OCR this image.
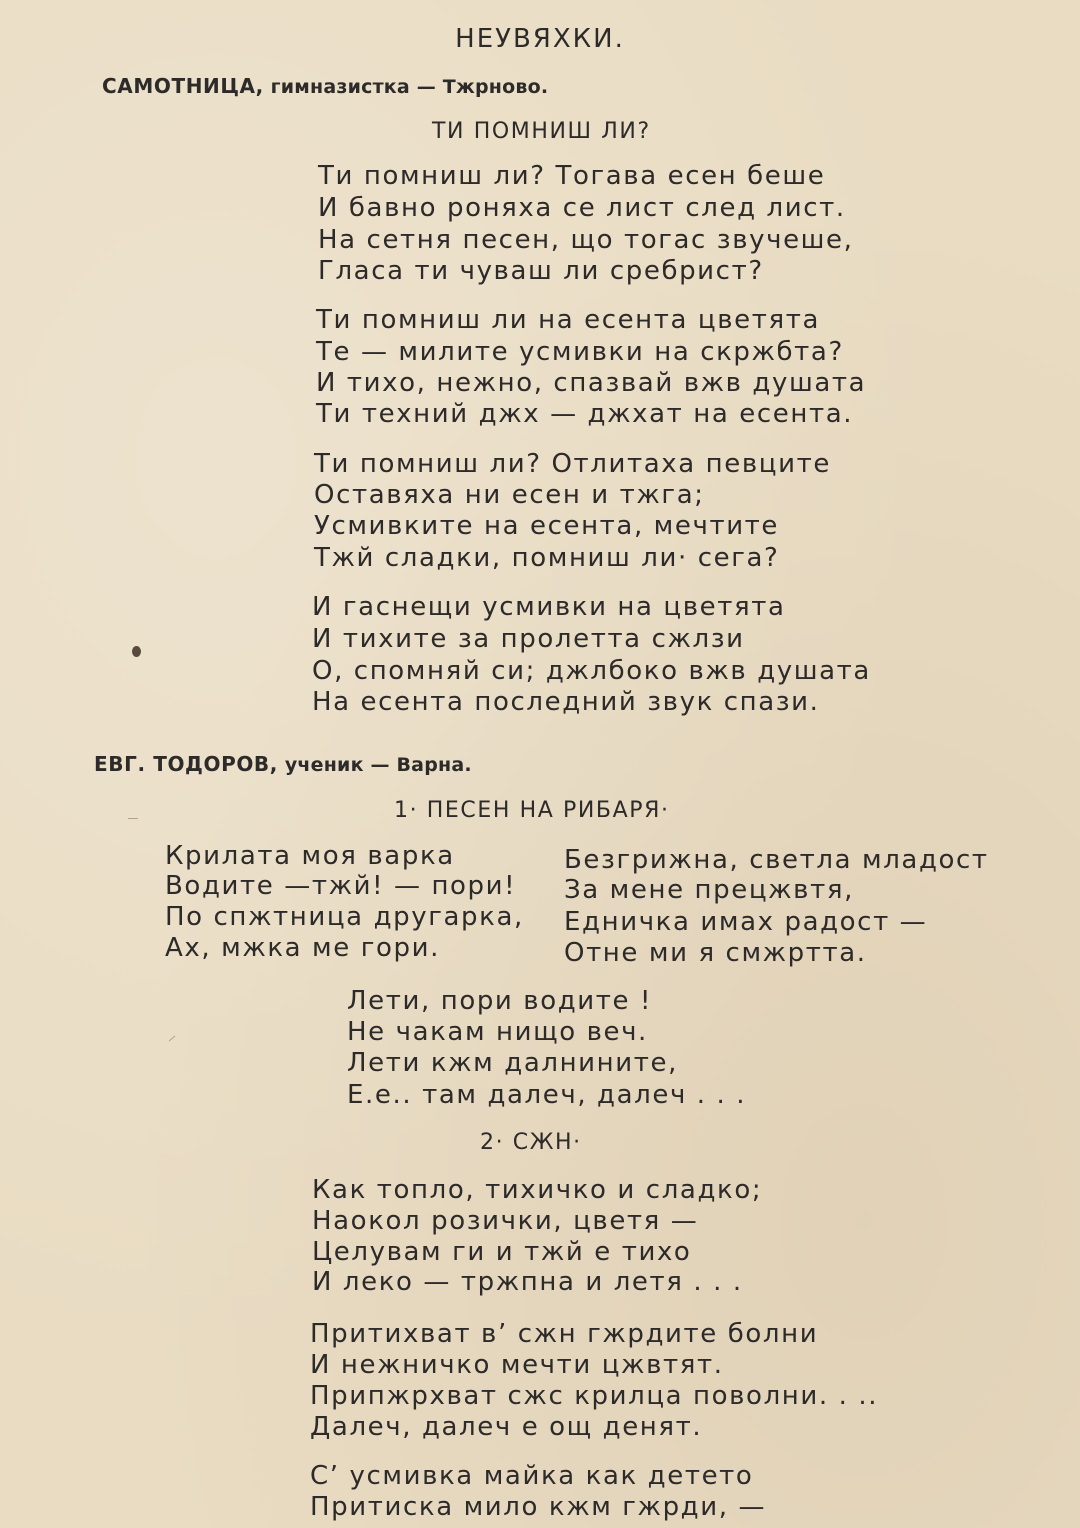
НЕУВЯХКИ.
САМОТНИЦА, гимназистка — Тжрново.
ТИ ПОМНИШ ЛИ?
Ти помниш ли? Тогава есен беше
И бавно роняха се лист след лист.
На сетня песен, що тогас звучеше,
Гласа ти чуваш ли сребрист?
Ти помниш ли на есента цветята
Те — милите усмивки на скржбта?
И тихо, нежно, спазвай вжв душата
Ти техний джх — джхат на есента.
Ти помниш ли? Отлитаха певците
Оставяха ни есен и тжга;
Усмивките на есента, мечтите
Тжй сладки, помниш ли· сега?
И гаснещи усмивки на цветята
И тихите за пролетта сжлзи
О, спомняй си; джлбоко вжв душата
На есента последний звук спази.
ЕВГ. ТОДОРОВ, ученик — Варна.
1· ПЕСЕН НА РИБАРЯ·
Крилата моя варка
Водите —тжй! — пори!
По спжтница другарка,
Ах, мжка ме гори.
Безгрижна, светла младост
За мене прецжвтя,
Едничка имах радост —
Отне ми я смжртта.
Лети, пори водите !
Не чакам нищо веч.
Лети кжм далнините,
Е.е.. там далеч, далеч . . .
2· СЖН·
Как топло, тихичко и сладко;
Наокол розички, цветя —
Целувам ги и тжй е тихо
И леко — тржпна и летя . . .
Притихват в’ сжн гжрдите болни
И нежничко мечти цжвтят.
Припжрхват сжс крилца поволни. . ..
Далеч, далеч е ощ денят.
С’ усмивка майка как детето
Притиска мило кжм гжрди, —
